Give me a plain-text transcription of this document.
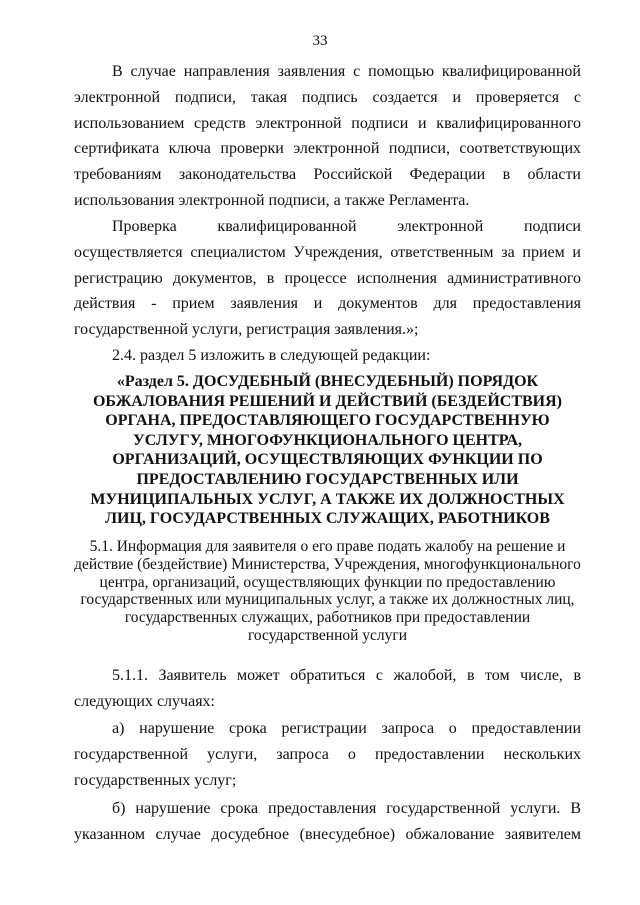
33
В случае направления заявления с помощью квалифицированной электронной подписи, такая подпись создается и проверяется с использованием средств электронной подписи и квалифицированного сертификата ключа проверки электронной подписи, соответствующих требованиям законодательства Российской Федерации в области использования электронной подписи, а также Регламента.
Проверка квалифицированной электронной подписи осуществляется специалистом Учреждения, ответственным за прием и регистрацию документов, в процессе исполнения административного действия - прием заявления и документов для предоставления государственной услуги, регистрация заявления.»;
2.4. раздел 5 изложить в следующей редакции:
«Раздел 5. ДОСУДЕБНЫЙ (ВНЕСУДЕБНЫЙ) ПОРЯДОК ОБЖАЛОВАНИЯ РЕШЕНИЙ И ДЕЙСТВИЙ (БЕЗДЕЙСТВИЯ) ОРГАНА, ПРЕДОСТАВЛЯЮЩЕГО ГОСУДАРСТВЕННУЮ УСЛУГУ, МНОГОФУНКЦИОНАЛЬНОГО ЦЕНТРА, ОРГАНИЗАЦИЙ, ОСУЩЕСТВЛЯЮЩИХ ФУНКЦИИ ПО ПРЕДОСТАВЛЕНИЮ ГОСУДАРСТВЕННЫХ ИЛИ МУНИЦИПАЛЬНЫХ УСЛУГ, А ТАКЖЕ ИХ ДОЛЖНОСТНЫХ ЛИЦ, ГОСУДАРСТВЕННЫХ СЛУЖАЩИХ, РАБОТНИКОВ
5.1. Информация для заявителя о его праве подать жалобу на решение и действие (бездействие) Министерства, Учреждения, многофункционального центра, организаций, осуществляющих функции по предоставлению государственных или муниципальных услуг, а также их должностных лиц, государственных служащих, работников при предоставлении государственной услуги
5.1.1. Заявитель может обратиться с жалобой, в том числе, в следующих случаях:
а) нарушение срока регистрации запроса о предоставлении государственной услуги, запроса о предоставлении нескольких государственных услуг;
б) нарушение срока предоставления государственной услуги. В указанном случае досудебное (внесудебное) обжалование заявителем
